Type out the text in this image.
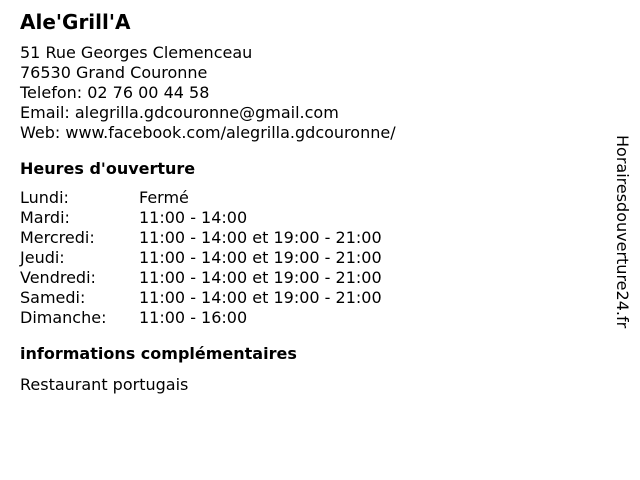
Ale'Grill'A
51 Rue Georges Clemenceau
76530 Grand Couronne
Telefon: 02 76 00 44 58
Email: alegrilla.gdcouronne@gmail.com
Web: www.facebook.com/alegrilla.gdcouronne/
Heures d'ouverture
Lundi:	Fermé
Mardi:	11:00 - 14:00
Mercredi:	11:00 - 14:00 et 19:00 - 21:00
Jeudi:	11:00 - 14:00 et 19:00 - 21:00
Vendredi:	11:00 - 14:00 et 19:00 - 21:00
Samedi:	11:00 - 14:00 et 19:00 - 21:00
Dimanche:	11:00 - 16:00
informations complémentaires
Restaurant portugais
Horairesdouverture24.fr
